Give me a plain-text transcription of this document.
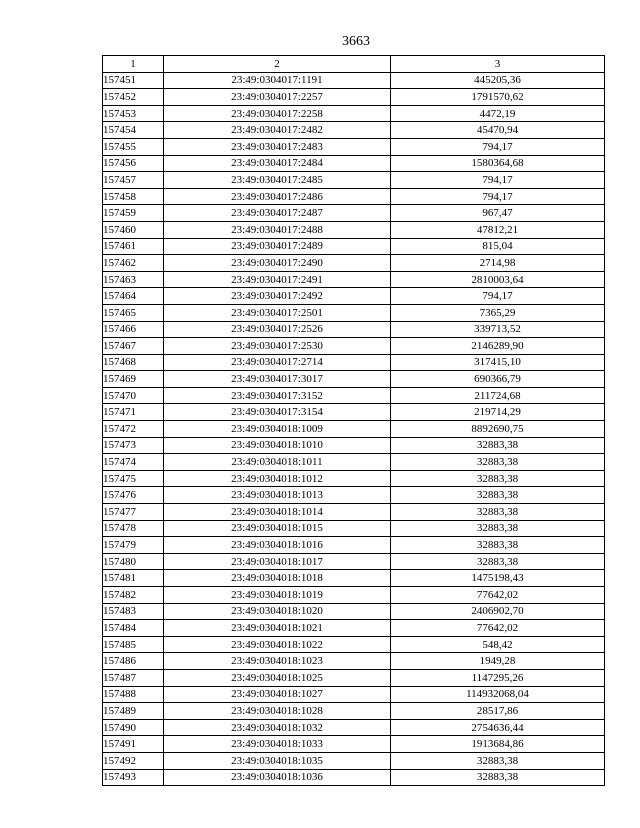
3663
1	2	3
157451	23:49:0304017:1191	445205,36
157452	23:49:0304017:2257	1791570,62
157453	23:49:0304017:2258	4472,19
157454	23:49:0304017:2482	45470,94
157455	23:49:0304017:2483	794,17
157456	23:49:0304017:2484	1580364,68
157457	23:49:0304017:2485	794,17
157458	23:49:0304017:2486	794,17
157459	23:49:0304017:2487	967,47
157460	23:49:0304017:2488	47812,21
157461	23:49:0304017:2489	815,04
157462	23:49:0304017:2490	2714,98
157463	23:49:0304017:2491	2810003,64
157464	23:49:0304017:2492	794,17
157465	23:49:0304017:2501	7365,29
157466	23:49:0304017:2526	339713,52
157467	23:49:0304017:2530	2146289,90
157468	23:49:0304017:2714	317415,10
157469	23:49:0304017:3017	690366,79
157470	23:49:0304017:3152	211724,68
157471	23:49:0304017:3154	219714,29
157472	23:49:0304018:1009	8892690,75
157473	23:49:0304018:1010	32883,38
157474	23:49:0304018:1011	32883,38
157475	23:49:0304018:1012	32883,38
157476	23:49:0304018:1013	32883,38
157477	23:49:0304018:1014	32883,38
157478	23:49:0304018:1015	32883,38
157479	23:49:0304018:1016	32883,38
157480	23:49:0304018:1017	32883,38
157481	23:49:0304018:1018	1475198,43
157482	23:49:0304018:1019	77642,02
157483	23:49:0304018:1020	2406902,70
157484	23:49:0304018:1021	77642,02
157485	23:49:0304018:1022	548,42
157486	23:49:0304018:1023	1949,28
157487	23:49:0304018:1025	1147295,26
157488	23:49:0304018:1027	114932068,04
157489	23:49:0304018:1028	28517,86
157490	23:49:0304018:1032	2754636,44
157491	23:49:0304018:1033	1913684,86
157492	23:49:0304018:1035	32883,38
157493	23:49:0304018:1036	32883,38
